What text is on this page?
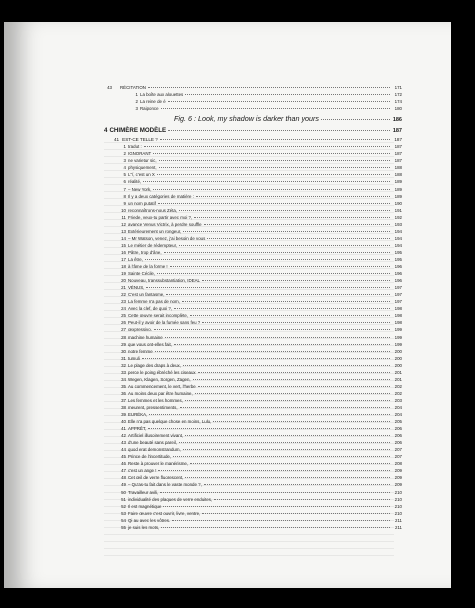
43	RÉCITATION	171
1 La boîte aux alouettes	172
2 La reine de é	174
3 Raiponce	180
Fig. 6 : Look, my shadow is darker than yours	186
4 CHIMÈRE MODÈLE	187
41 EST-CE TELLE ?	187
1 tradut :	187
2 IGNORANT	187
3 ne varietur sic,	187
4 physiquement,	188
5 L"/, c'est un X	188
6 réalité,	189
7 – New York,	189
8 Il y a deux catégories de matière :	189
9 un nom putatif	190
10 reconnaîtrons-nous Zéta,	191
11 Friede, veux-tu partir avec moi ?,	192
12 avance Venus Victrix, à perdre souffle	193
13 Extérieurement un rongeur,	194
14 – Mr Watson, venez, j'ai besoin de vous	194
15 Le métier de rédempteur,	194
16 Pâtre, trop d'âne,	195
17 La être,	195
18 à l'âme de la forme !	196
19 Sainte Cécile,	196
20 Nouveau, transsubstantiation, IDEAL	196
21 VÉNUS,	197
22 C'est un fantasme,	197
23 La femme n'a pas de nom,	197
24 Avec la clef, de quoi ?,	198
25 Cette œuvre serait incomplète,	198
26 Peut-il y avoir de la fumée sans feu ?	198
27 œxpressivo.	199
28 machine humaine	199
29 que vous ont-elles fait,	199
30 notre femme	200
31 tumuli	200
32 Le plage des draps à deux,	200
33 perce le poing ébréché les ciseaux	201
34 Wegen, Klagen, Sorgen, Zagen,	201
35 Au commencement, le vert, l'herbe	202
36 Au moins deux par être humaine,	202
37 Les femmes et les hommes,	203
38 meurent, pressentiments,	204
39 EURÉKA,	204
40 Elle n'a pas quelque chose en moins, Lulu,	205
41 APPRÊT,	206
42 Artificiel illusoirement vivant,	206
43 d'une beauté sans pareil,	206
44 quod erat demonstrandum,	207
45 Prince de l'incertitude,	207
46 Reste à prouver le manérisme,	208
47 c'est un ange !	209
48 Cet œil de verre fluorescent,	209
49 – Qu'as-tu fait dans le vaste monde ?,	209
50 Travailleur avili,	210
51 individualité des plaques de verre enduites,	210
52 Il est magnétique	210
53 Faire œuvre c'est ouvrir, livre, ventre,	210
54 Qi au avec les vôtres.	211
55 je suis les mots,	211
